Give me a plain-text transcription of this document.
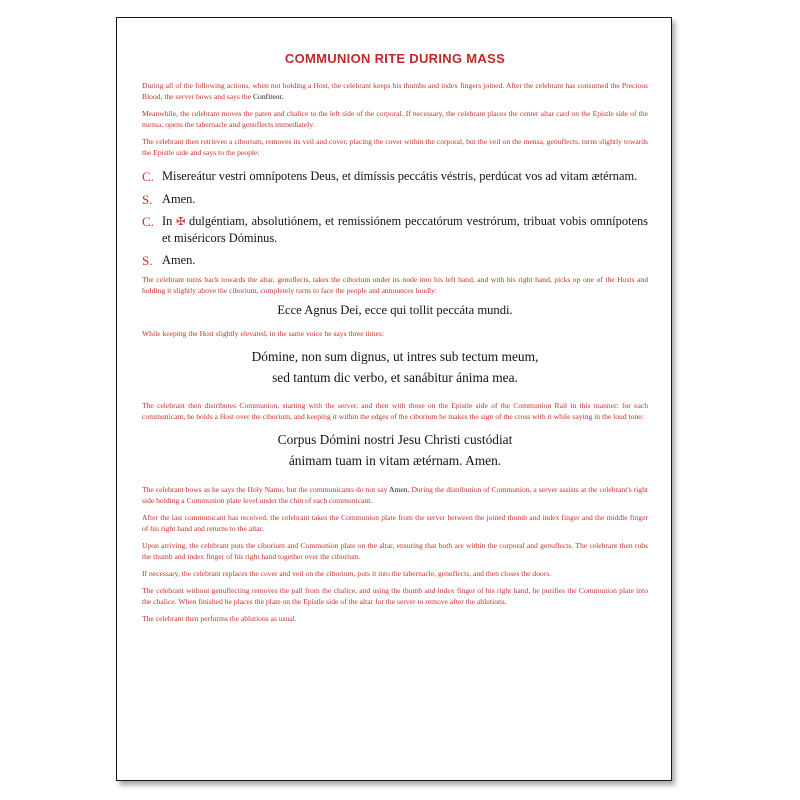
COMMUNION RITE DURING MASS

During all of the following actions, when not holding a Host, the celebrant keeps his thumbs and index fingers joined. After the celebrant has consumed the Precious Blood, the server bows and says the Confiteor.

Meanwhile, the celebrant moves the paten and chalice to the left side of the corporal. If necessary, the celebrant places the center altar card on the Epistle side of the mensa, opens the tabernacle and genuflects immediately.

The celebrant then retrieves a ciborium, removes its veil and cover, placing the cover within the corporal, but the veil on the mensa, genuflects, turns slightly towards the Epistle side and says to the people:

C. Misereátur vestri omnípotens Deus, et dimíssis peccátis véstris, perdúcat vos ad vitam ætérnam.
S. Amen.
C. In ✠ dulgéntiam, absolutiónem, et remissiónem peccatórum vestrórum, tribuat vobis omnípotens et miséricors Dóminus.
S. Amen.

The celebrant turns back towards the altar, genuflects, takes the ciborium under its node into his left hand, and with his right hand, picks up one of the Hosts and holding it slightly above the ciborium, completely turns to face the people and announces loudly:

Ecce Agnus Dei, ecce qui tollit peccáta mundi.

While keeping the Host slightly elevated, in the same voice he says three times:

Dómine, non sum dignus, ut intres sub tectum meum,
sed tantum dic verbo, et sanábitur ánima mea.

The celebrant then distributes Communion, starting with the server, and then with those on the Epistle side of the Communion Rail in this manner: for each communicant, he holds a Host over the ciborium, and keeping it within the edges of the ciborium he makes the sign of the cross with it while saying in the loud tone:

Corpus Dómini nostri Jesu Christi custódiat
ánimam tuam in vitam ætérnam. Amen.

The celebrant bows as he says the Holy Name, but the communicants do not say Amen. During the distribution of Communion, a server assists at the celebrant's right side holding a Communion plate level under the chin of each communicant.

After the last communicant has received, the celebrant takes the Communion plate from the server between the joined thumb and index finger and the middle finger of his right hand and returns to the altar.

Upon arriving, the celebrant puts the ciborium and Communion plate on the altar, ensuring that both are within the corporal and genuflects. The celebrant then rubs the thumb and index finger of his right hand together over the ciborium.

If necessary, the celebrant replaces the cover and veil on the ciborium, puts it into the tabernacle, genuflects, and then closes the doors.

The celebrant without genuflecting removes the pall from the chalice, and using the thumb and index finger of his right hand, he purifies the Communion plate into the chalice. When finished he places the plate on the Epistle side of the altar for the server to remove after the ablutions.

The celebrant then performs the ablutions as usual.
